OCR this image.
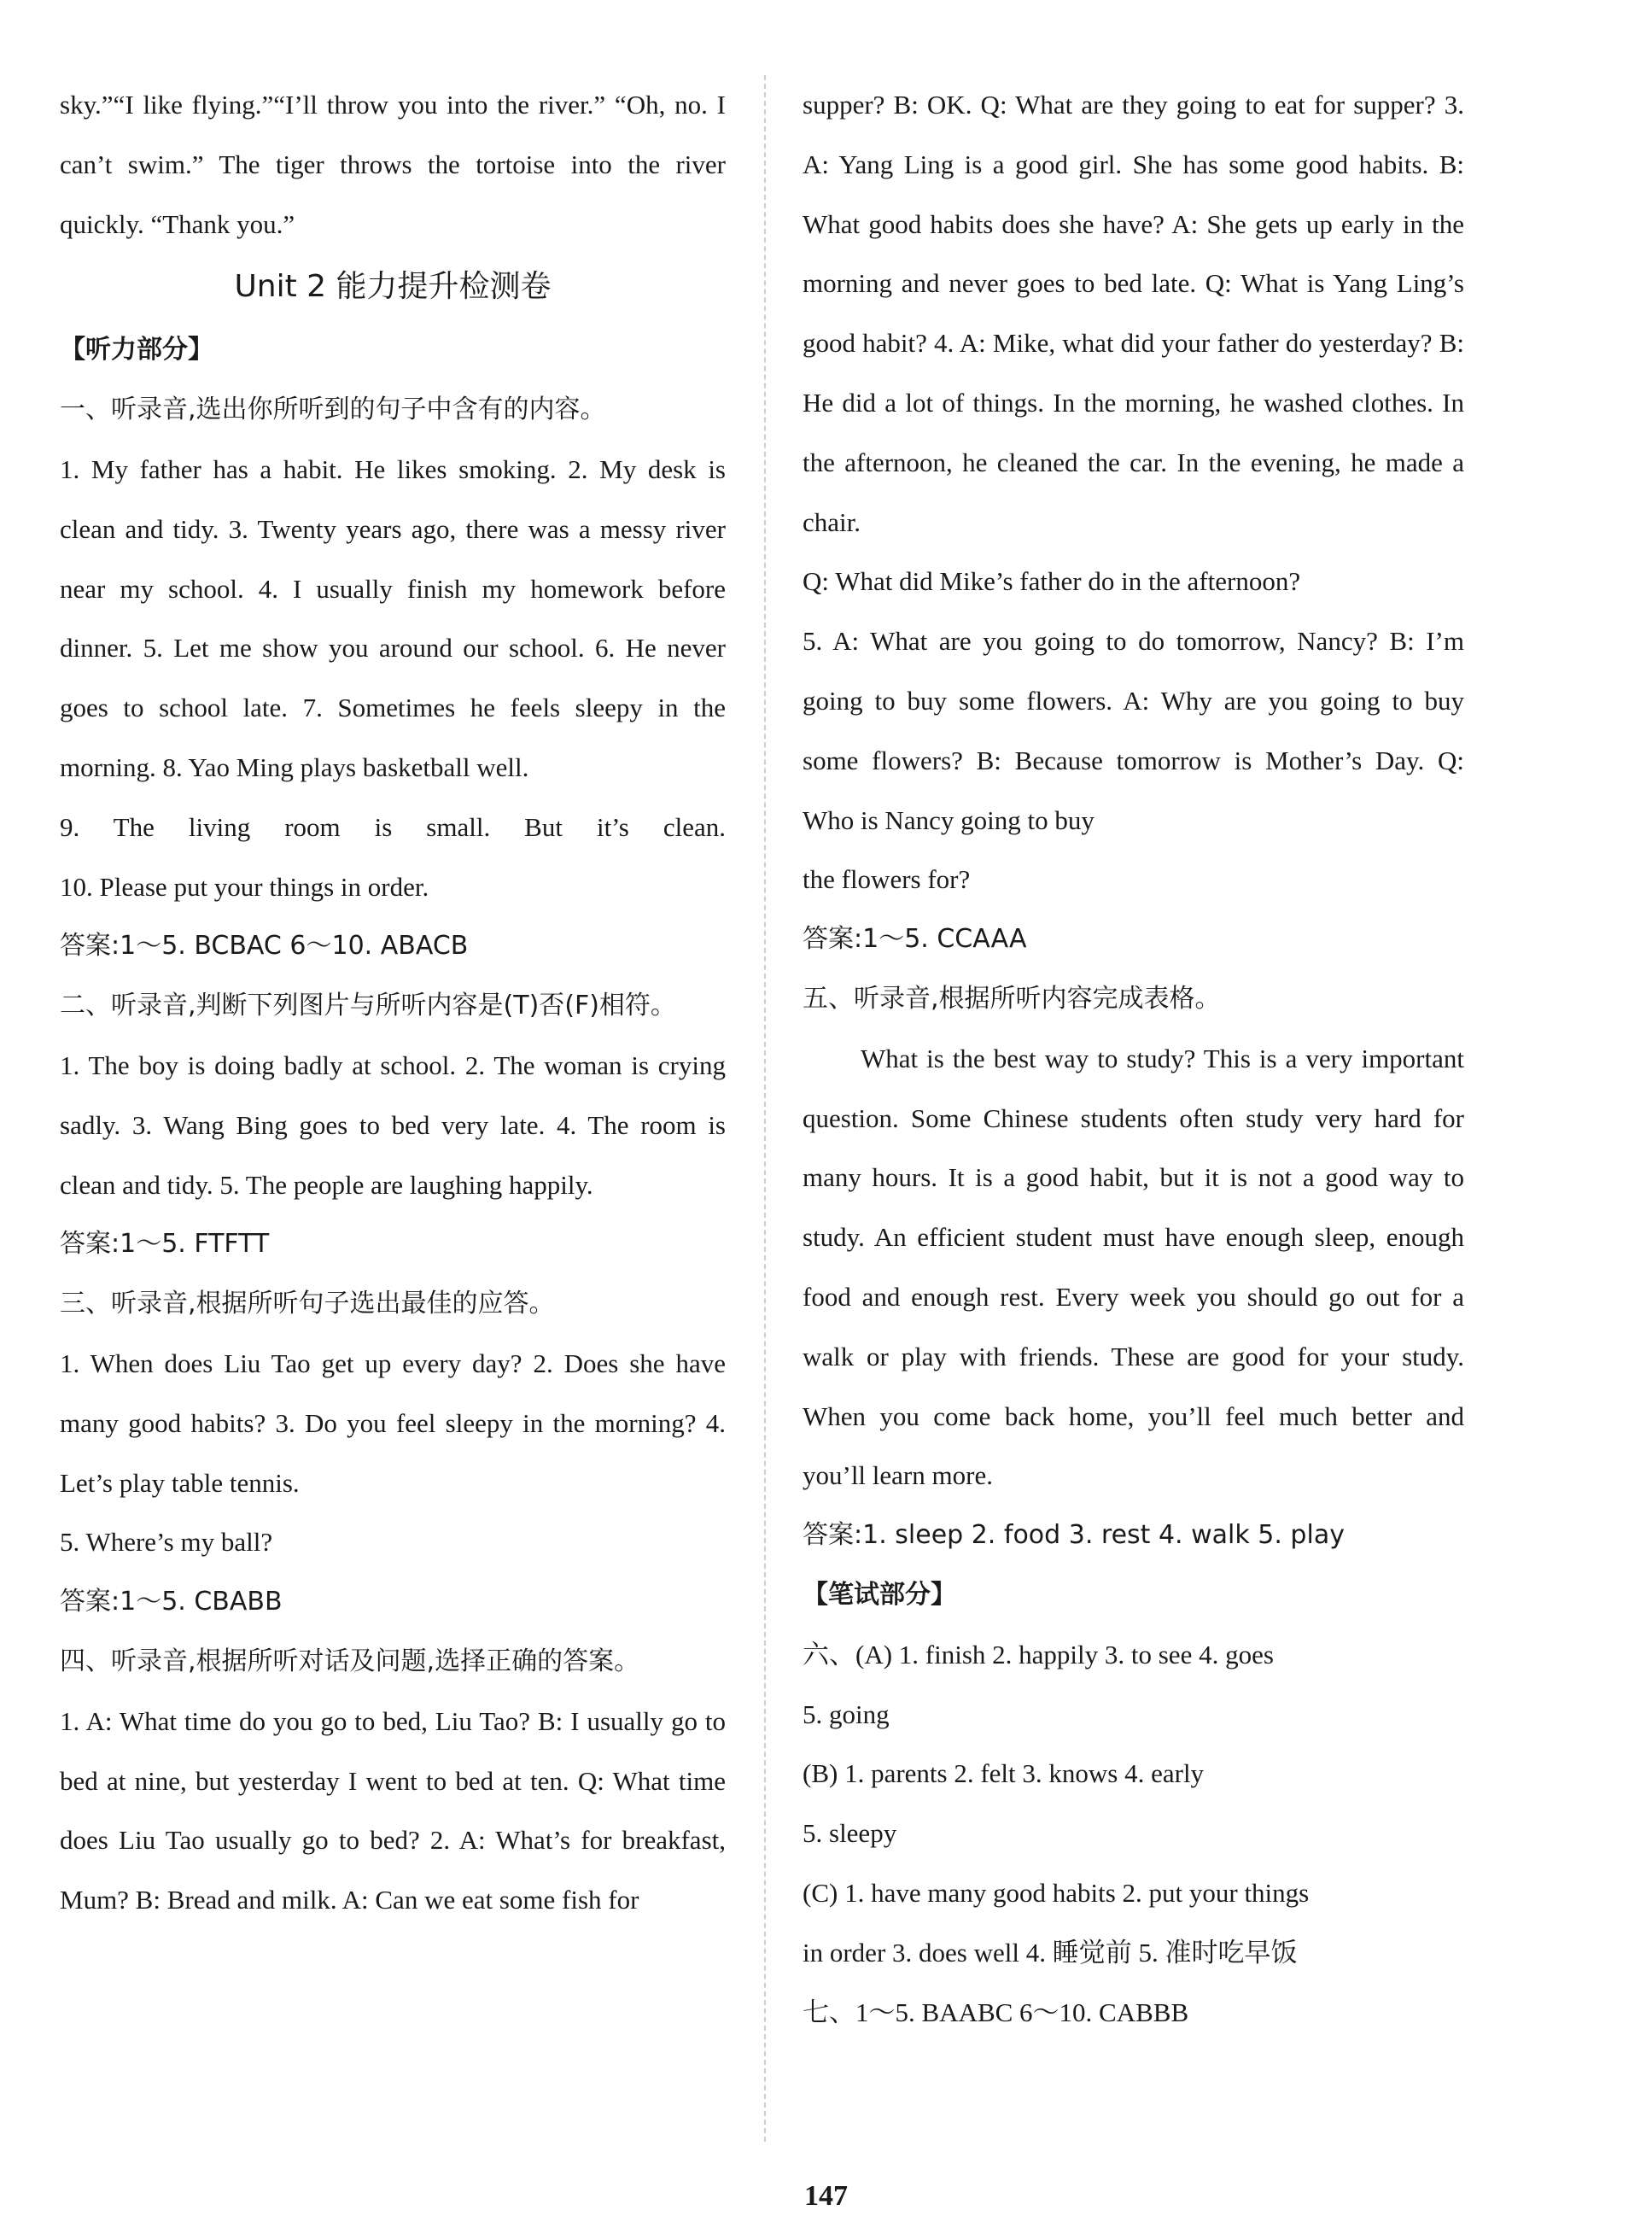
sky.”“I like flying.”“I’ll throw you into the river.” “Oh, no. I can’t swim.” The tiger throws the tortoise into the river quickly. “Thank you.”

Unit 2 能力提升检测卷

【听力部分】

一、听录音,选出你所听到的句子中含有的内容。

1. My father has a habit. He likes smoking. 2. My desk is clean and tidy. 3. Twenty years ago, there was a messy river near my school. 4. I usually finish my homework before dinner. 5. Let me show you around our school. 6. He never goes to school late. 7. Sometimes he feels sleepy in the morning. 8. Yao Ming plays basketball well.

9. The living room is small. But it’s clean.

10. Please put your things in order.

答案:1～5. BCBAC 6～10. ABACB

二、听录音,判断下列图片与所听内容是(T)否(F)相符。

1. The boy is doing badly at school. 2. The woman is crying sadly. 3. Wang Bing goes to bed very late. 4. The room is clean and tidy. 5. The people are laughing happily.

答案:1～5. FTFTT

三、听录音,根据所听句子选出最佳的应答。

1. When does Liu Tao get up every day? 2. Does she have many good habits? 3. Do you feel sleepy in the morning? 4. Let’s play table tennis.

5. Where’s my ball?

答案:1～5. CBABB

四、听录音,根据所听对话及问题,选择正确的答案。

1. A: What time do you go to bed, Liu Tao? B: I usually go to bed at nine, but yesterday I went to bed at ten. Q: What time does Liu Tao usually go to bed? 2. A: What’s for breakfast, Mum? B: Bread and milk. A: Can we eat some fish for

supper? B: OK. Q: What are they going to eat for supper? 3. A: Yang Ling is a good girl. She has some good habits. B: What good habits does she have? A: She gets up early in the morning and never goes to bed late. Q: What is Yang Ling’s good habit? 4. A: Mike, what did your father do yesterday? B: He did a lot of things. In the morning, he washed clothes. In the afternoon, he cleaned the car. In the evening, he made a chair.

Q: What did Mike’s father do in the afternoon?

5. A: What are you going to do tomorrow, Nancy? B: I’m going to buy some flowers. A: Why are you going to buy some flowers? B: Because tomorrow is Mother’s Day. Q: Who is Nancy going to buy

the flowers for?

答案:1～5. CCAAA

五、听录音,根据所听内容完成表格。

What is the best way to study? This is a very important question. Some Chinese students often study very hard for many hours. It is a good habit, but it is not a good way to study. An efficient student must have enough sleep, enough food and enough rest. Every week you should go out for a walk or play with friends. These are good for your study. When you come back home, you’ll feel much better and you’ll learn more.

答案:1. sleep 2. food 3. rest 4. walk 5. play

【笔试部分】

六、(A) 1. finish 2. happily 3. to see 4. goes

5. going

(B) 1. parents 2. felt 3. knows 4. early

5. sleepy

(C) 1. have many good habits 2. put your things

in order 3. does well 4. 睡觉前 5. 准时吃早饭

七、1～5. BAABC 6～10. CABBB

147
